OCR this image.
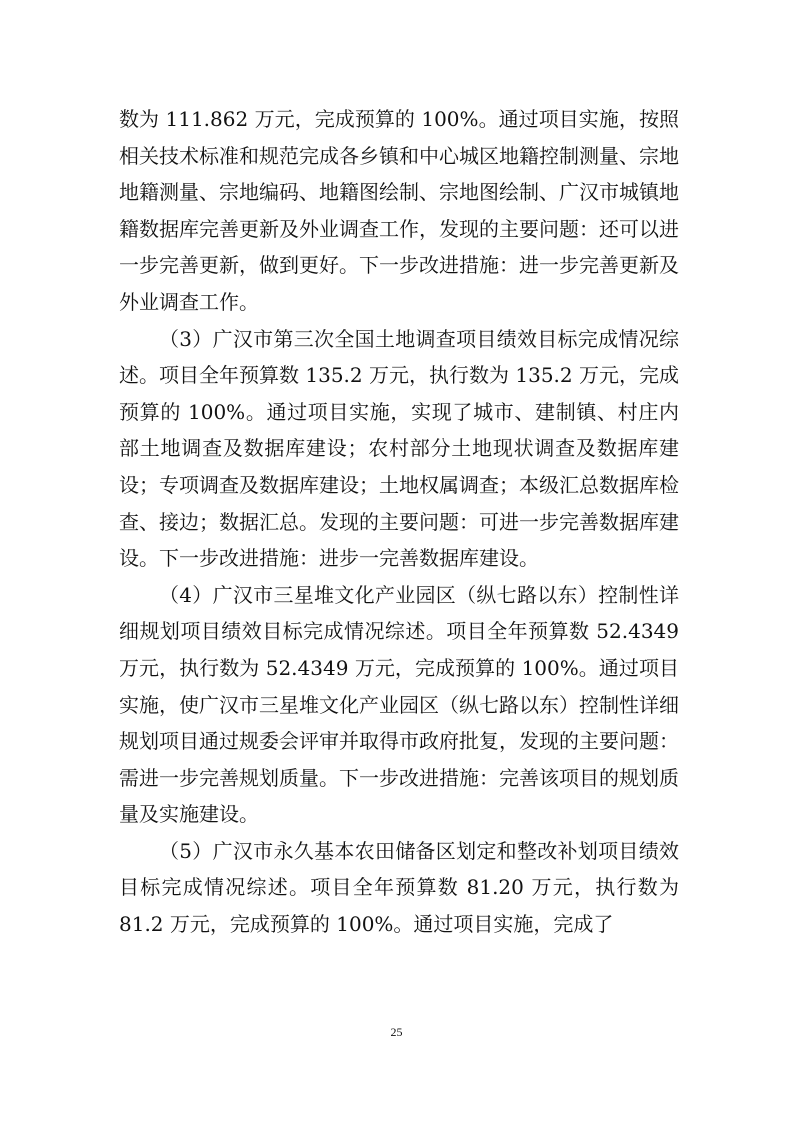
数为 111.862 万元，完成预算的 100%。通过项目实施，按照相关技术标准和规范完成各乡镇和中心城区地籍控制测量、宗地地籍测量、宗地编码、地籍图绘制、宗地图绘制、广汉市城镇地籍数据库完善更新及外业调查工作，发现的主要问题：还可以进一步完善更新，做到更好。下一步改进措施：进一步完善更新及外业调查工作。

（3）广汉市第三次全国土地调查项目绩效目标完成情况综述。项目全年预算数 135.2 万元，执行数为 135.2 万元，完成预算的 100%。通过项目实施，实现了城市、建制镇、村庄内部土地调查及数据库建设；农村部分土地现状调查及数据库建设；专项调查及数据库建设；土地权属调查；本级汇总数据库检查、接边；数据汇总。发现的主要问题：可进一步完善数据库建设。下一步改进措施：进步一完善数据库建设。

（4）广汉市三星堆文化产业园区（纵七路以东）控制性详细规划项目绩效目标完成情况综述。项目全年预算数 52.4349 万元，执行数为 52.4349 万元，完成预算的 100%。通过项目实施，使广汉市三星堆文化产业园区（纵七路以东）控制性详细规划项目通过规委会评审并取得市政府批复，发现的主要问题：需进一步完善规划质量。下一步改进措施：完善该项目的规划质量及实施建设。

（5）广汉市永久基本农田储备区划定和整改补划项目绩效目标完成情况综述。项目全年预算数 81.20 万元，执行数为 81.2 万元，完成预算的 100%。通过项目实施，完成了

25
